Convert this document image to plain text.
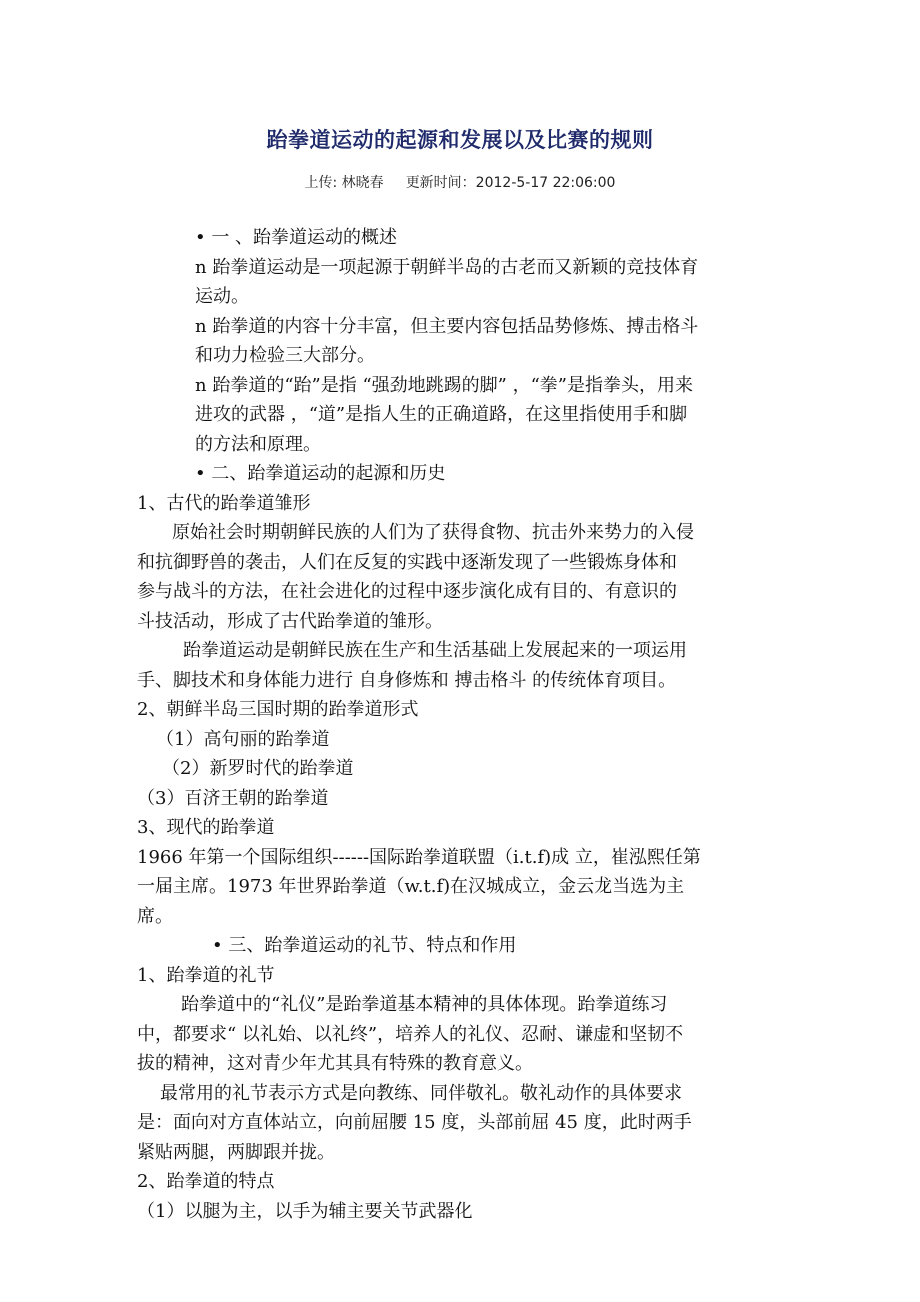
跆拳道运动的起源和发展以及比赛的规则
上传: 林晓春 更新时间：2012-5-17 22:06:00
• 一 、跆拳道运动的概述
n 跆拳道运动是一项起源于朝鲜半岛的古老而又新颖的竞技体育
运动。
n 跆拳道的内容十分丰富，但主要内容包括品势修炼、搏击格斗
和功力检验三大部分。
n 跆拳道的“跆”是指 “强劲地跳踢的脚” ，“拳”是指拳头，用来
进攻的武器 ，“道”是指人生的正确道路，在这里指使用手和脚
的方法和原理。
• 二、跆拳道运动的起源和历史
1、古代的跆拳道雏形
原始社会时期朝鲜民族的人们为了获得食物、抗击外来势力的入侵
和抗御野兽的袭击，人们在反复的实践中逐渐发现了一些锻炼身体和
参与战斗的方法，在社会进化的过程中逐步演化成有目的、有意识的
斗技活动，形成了古代跆拳道的雏形。
跆拳道运动是朝鲜民族在生产和生活基础上发展起来的一项运用
手、脚技术和身体能力进行 自身修炼和 搏击格斗 的传统体育项目。
2、朝鲜半岛三国时期的跆拳道形式
（1）高句丽的跆拳道
（2）新罗时代的跆拳道
（3）百济王朝的跆拳道
3、现代的跆拳道
1966 年第一个国际组织------国际跆拳道联盟（i.t.f)成 立，崔泓熙任第
一届主席。1973 年世界跆拳道（w.t.f)在汉城成立，金云龙当选为主
席。
• 三、跆拳道运动的礼节、特点和作用
1、跆拳道的礼节
跆拳道中的“礼仪”是跆拳道基本精神的具体体现。跆拳道练习
中，都要求“ 以礼始、以礼终”，培养人的礼仪、忍耐、谦虚和坚韧不
拔的精神，这对青少年尤其具有特殊的教育意义。
最常用的礼节表示方式是向教练、同伴敬礼。敬礼动作的具体要求
是：面向对方直体站立，向前屈腰 15 度，头部前屈 45 度，此时两手
紧贴两腿，两脚跟并拢。
2、跆拳道的特点
（1）以腿为主，以手为辅主要关节武器化
